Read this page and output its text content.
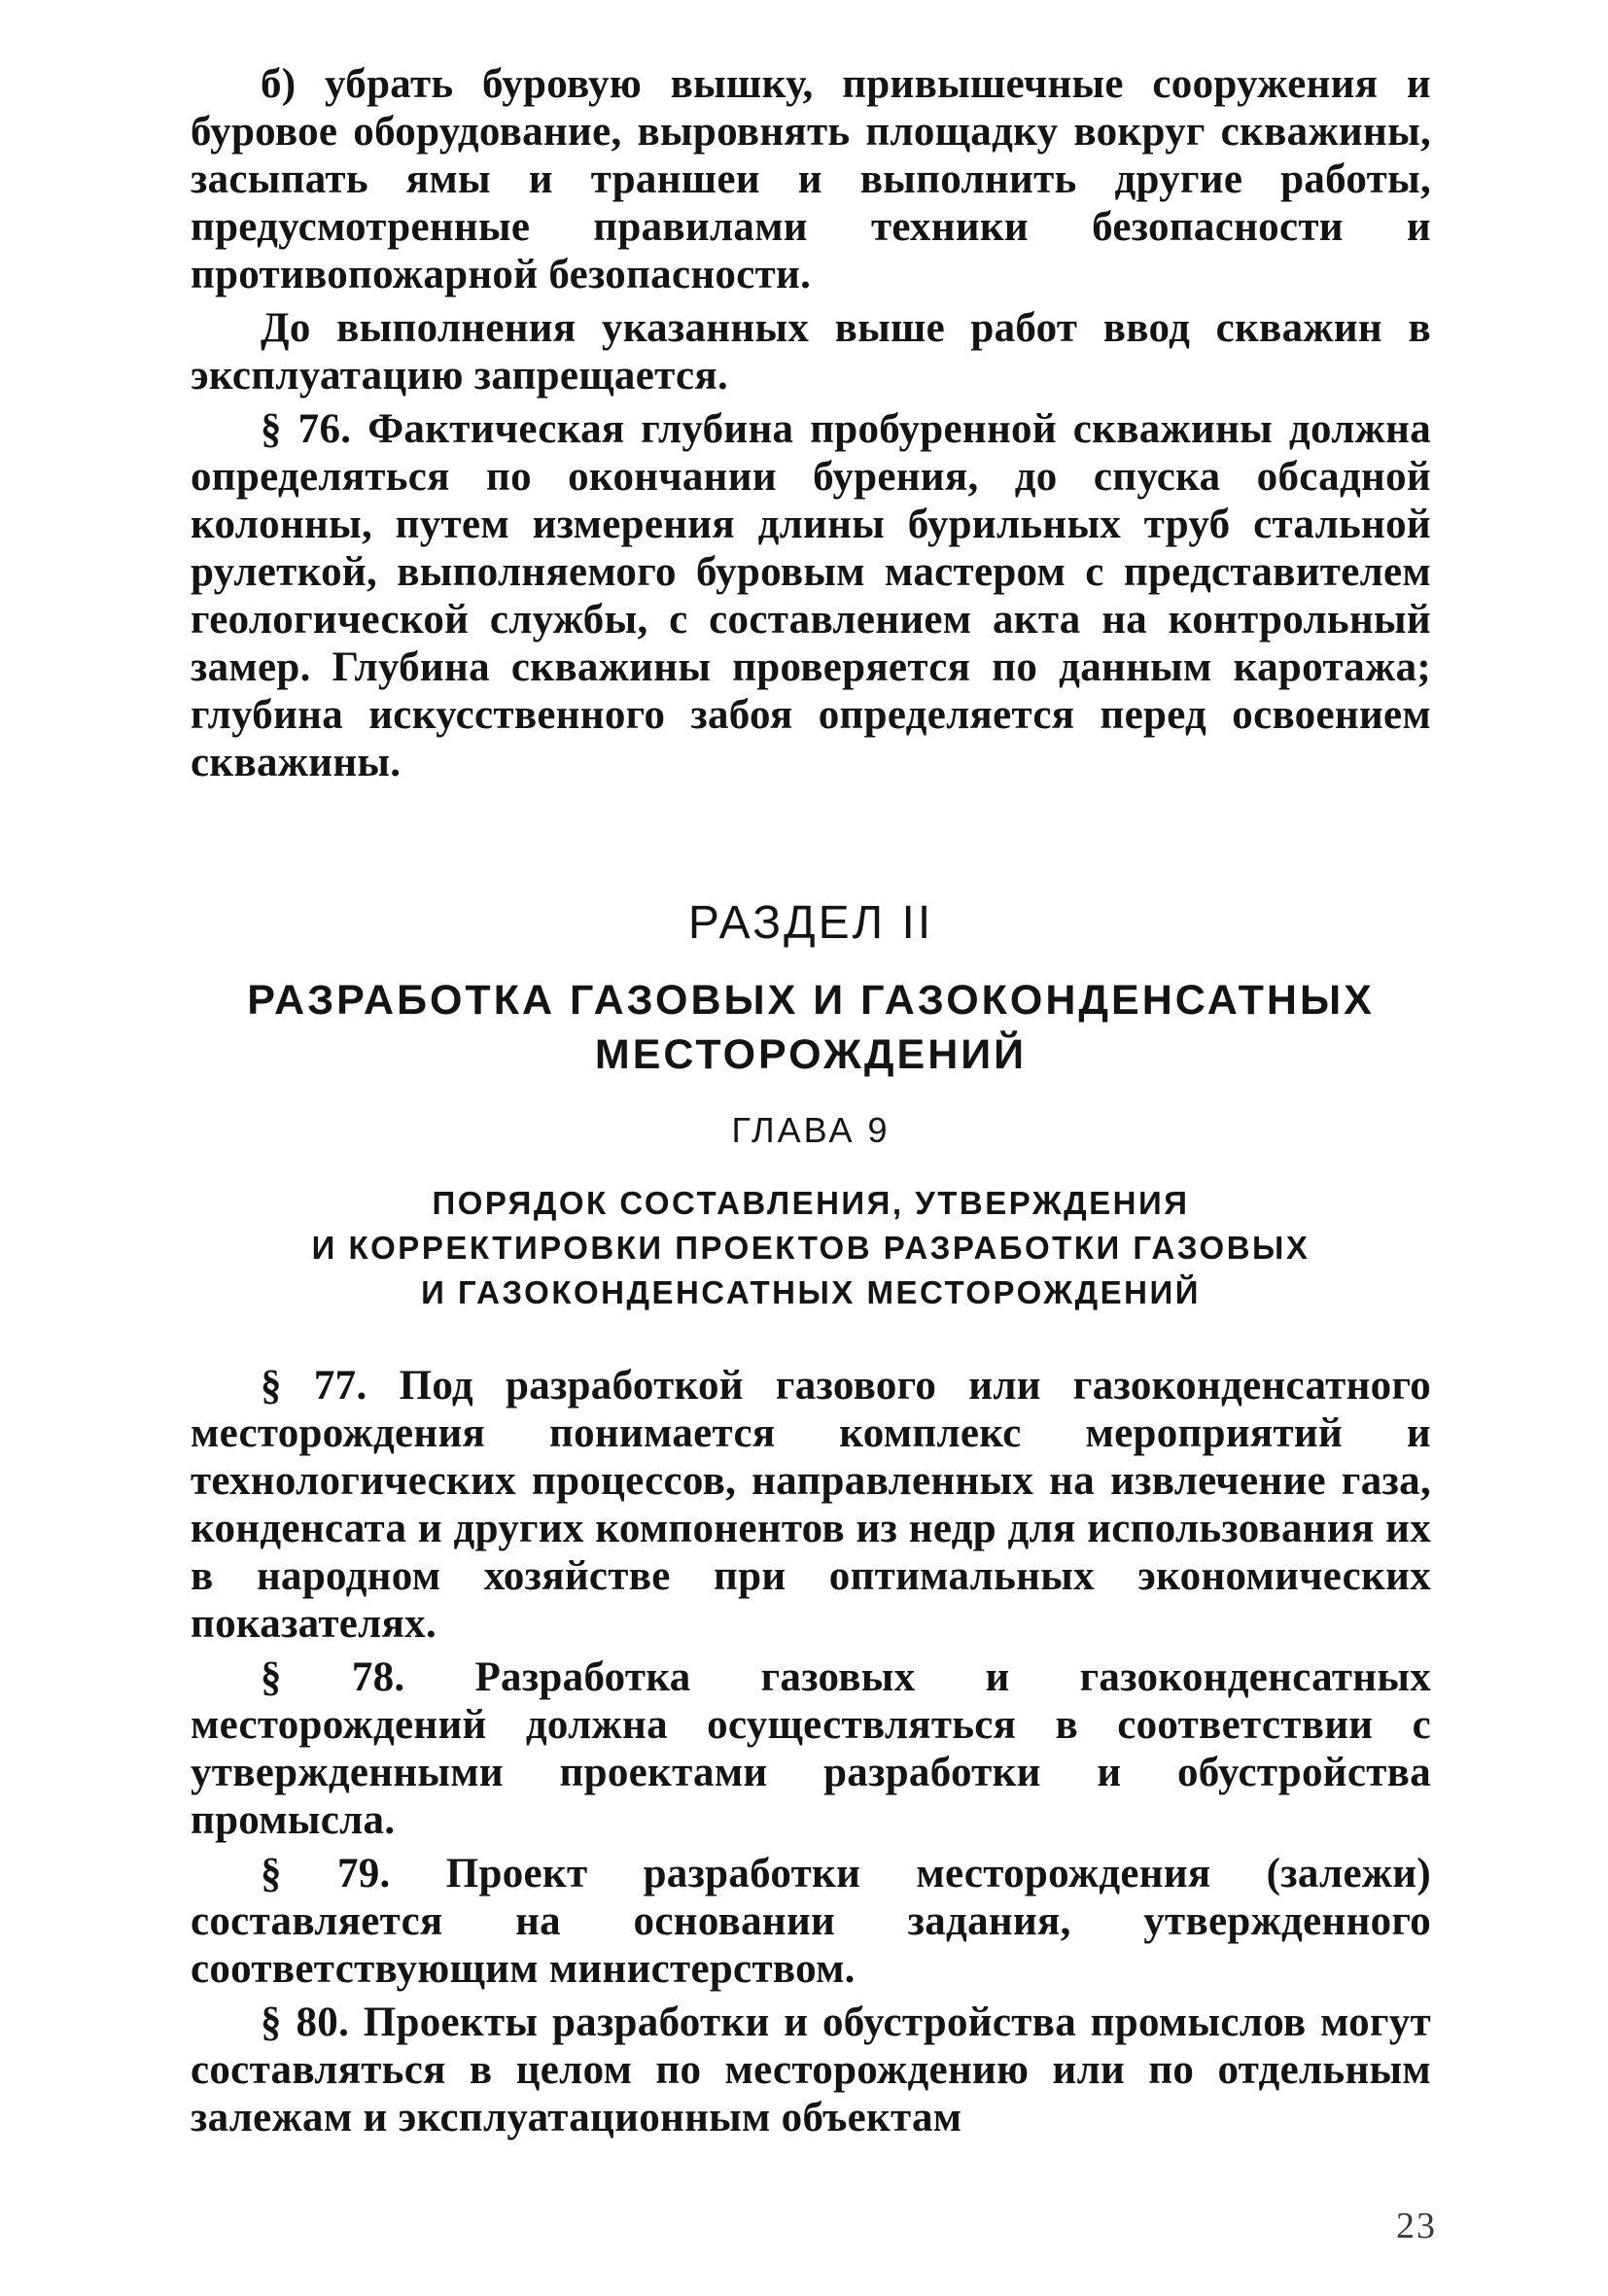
б) убрать буровую вышку, привышечные сооружения и буровое оборудование, выровнять площадку вокруг скважины, засыпать ямы и траншеи и выполнить другие работы, предусмотренные правилами техники безопасности и противопожарной безопасности.

До выполнения указанных выше работ ввод скважин в эксплуатацию запрещается.

§ 76. Фактическая глубина пробуренной скважины должна определяться по окончании бурения, до спуска обсадной колонны, путем измерения длины бурильных труб стальной рулеткой, выполняемого буровым мастером с представителем геологической службы, с составлением акта на контрольный замер. Глубина скважины проверяется по данным каротажа; глубина искусственного забоя определяется перед освоением скважины.

РАЗДЕЛ II
РАЗРАБОТКА ГАЗОВЫХ И ГАЗОКОНДЕНСАТНЫХ
МЕСТОРОЖДЕНИЙ
ГЛАВА 9
ПОРЯДОК СОСТАВЛЕНИЯ, УТВЕРЖДЕНИЯ
И КОРРЕКТИРОВКИ ПРОЕКТОВ РАЗРАБОТКИ ГАЗОВЫХ
И ГАЗОКОНДЕНСАТНЫХ МЕСТОРОЖДЕНИЙ

§ 77. Под разработкой газового или газоконденсатного месторождения понимается комплекс мероприятий и технологических процессов, направленных на извлечение газа, конденсата и других компонентов из недр для использования их в народном хозяйстве при оптимальных экономических показателях.

§ 78. Разработка газовых и газоконденсатных месторождений должна осуществляться в соответствии с утвержденными проектами разработки и обустройства промысла.

§ 79. Проект разработки месторождения (залежи) составляется на основании задания, утвержденного соответствующим министерством.

§ 80. Проекты разработки и обустройства промыслов могут составляться в целом по месторождению или по отдельным залежам и эксплуатационным объектам

23
